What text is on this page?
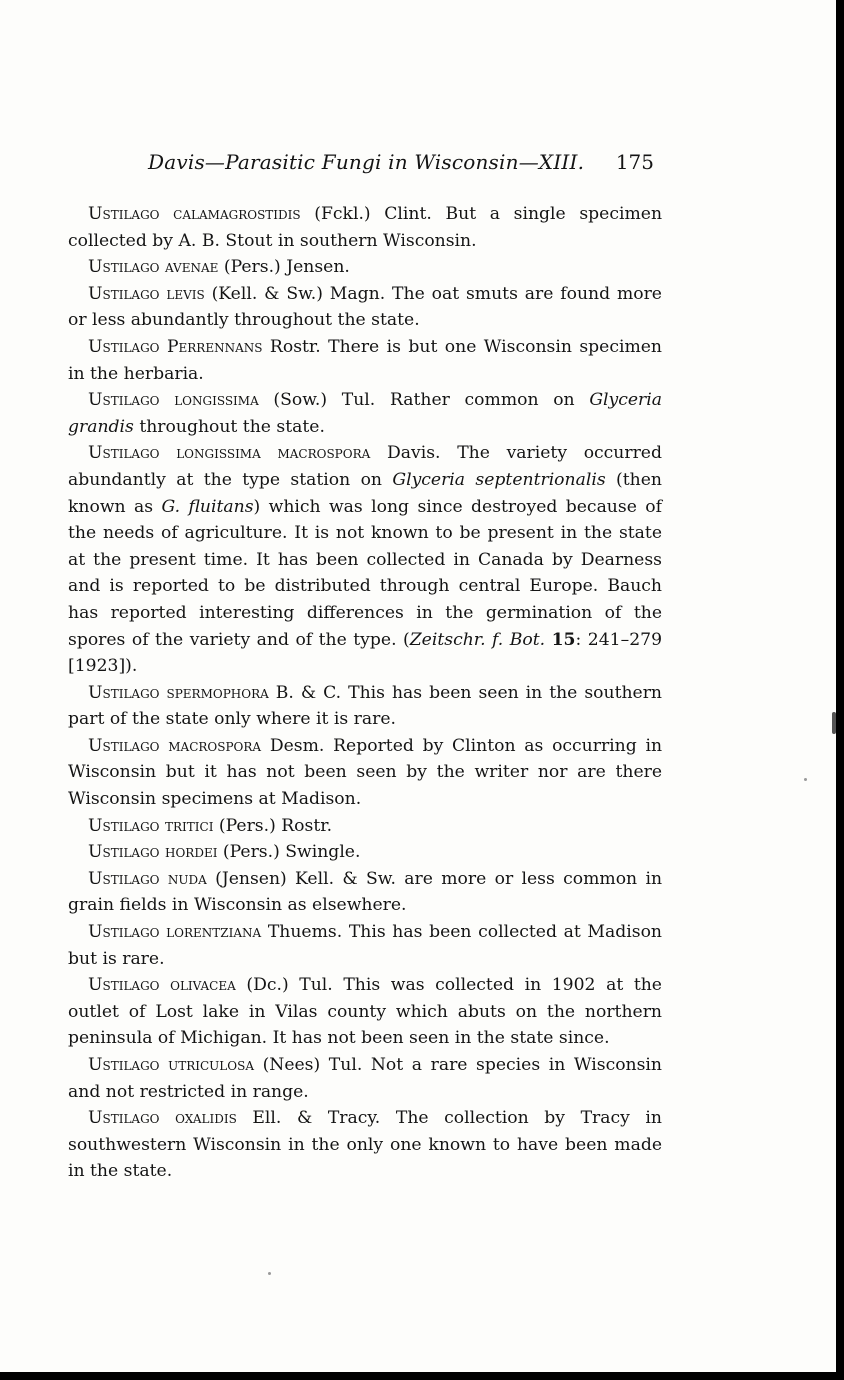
Davis—Parasitic Fungi in Wisconsin—XIII. 175

Ustilago calamagrostidis (Fckl.) Clint. But a single specimen collected by A. B. Stout in southern Wisconsin.

Ustilago avenae (Pers.) Jensen.

Ustilago levis (Kell. & Sw.) Magn. The oat smuts are found more or less abundantly throughout the state.

Ustilago Perrennans Rostr. There is but one Wisconsin specimen in the herbaria.

Ustilago longissima (Sow.) Tul. Rather common on Glyceria grandis throughout the state.

Ustilago longissima macrospora Davis. The variety occurred abundantly at the type station on Glyceria septentrionalis (then known as G. fluitans) which was long since destroyed because of the needs of agriculture. It is not known to be present in the state at the present time. It has been collected in Canada by Dearness and is reported to be distributed through central Europe. Bauch has reported interesting differences in the germination of the spores of the variety and of the type. (Zeitschr. f. Bot. 15: 241–279 [1923]).

Ustilago spermophora B. & C. This has been seen in the southern part of the state only where it is rare.

Ustilago macrospora Desm. Reported by Clinton as occurring in Wisconsin but it has not been seen by the writer nor are there Wisconsin specimens at Madison.

Ustilago tritici (Pers.) Rostr.

Ustilago hordei (Pers.) Swingle.

Ustilago nuda (Jensen) Kell. & Sw. are more or less common in grain fields in Wisconsin as elsewhere.

Ustilago lorentziana Thuems. This has been collected at Madison but is rare.

Ustilago olivacea (Dc.) Tul. This was collected in 1902 at the outlet of Lost lake in Vilas county which abuts on the northern peninsula of Michigan. It has not been seen in the state since.

Ustilago utriculosa (Nees) Tul. Not a rare species in Wisconsin and not restricted in range.

Ustilago oxalidis Ell. & Tracy. The collection by Tracy in southwestern Wisconsin in the only one known to have been made in the state.
